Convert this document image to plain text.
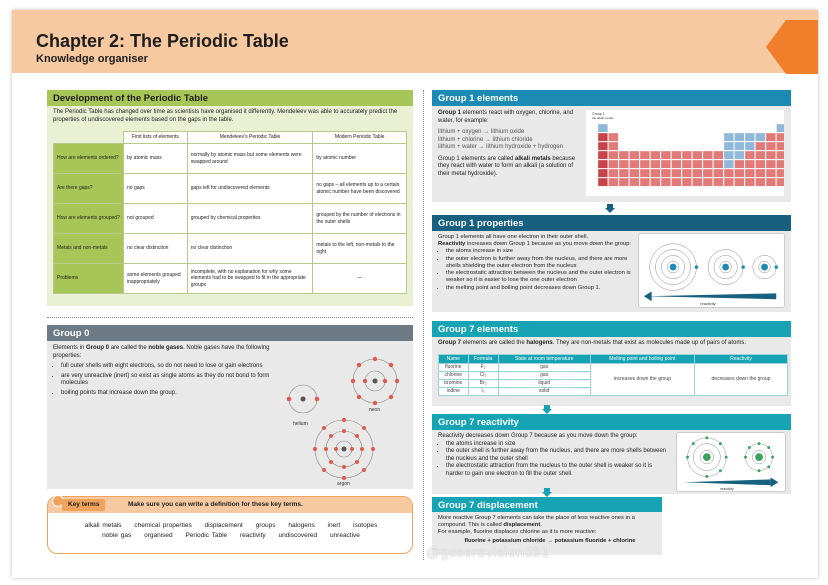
Chapter 2: The Periodic Table
Knowledge organiser
Development of the Periodic Table
The Periodic Table has changed over time as scientists have organised it differently. Mendeleev was able to accurately predict the properties of undiscovered elements based on the gaps in the table.
	First lists of elements	Mendeleev's Periodic Table	Modern Periodic Table
How are elements ordered?	by atomic mass	normally by atomic mass but some elements were swapped around	by atomic number
Are there gaps?	no gaps	gaps left for undiscovered elements	no gaps – all elements up to a certain atomic number have been discovered
How are elements grouped?	not grouped	grouped by chemical properties	grouped by the number of electrons in the outer shells
Metals and non-metals	no clear distinction	no clear distinction	metals to the left, non-metals to the right
Problems	some elements grouped inappropriately	incomplete, with no explanation for why some elements had to be swapped to fit in the appropriate groups	—
Group 0
Elements in Group 0 are called the noble gases. Noble gases have the following properties:
• full outer shells with eight electrons, so do not need to lose or gain electrons
• are very unreactive (inert) so exist as single atoms as they do not bond to form molecules
• boiling points that increase down the group.
helium
neon
argon
Key terms	Make sure you can write a definition for these key terms.
alkali metals chemical properties displacement groups halogens inert isotopes
noble gas organised Periodic Table reactivity undiscovered unreactive
Group 1 elements

Group 1 elements react with oxygen, chlorine, and water, for example:

lithium + oxygen → lithium oxide
lithium + chlorine → lithium chloride
lithium + water → lithium hydroxide + hydrogen

Group 1 elements are called alkali metals because they react with water to form an alkali (a solution of their metal hydroxide).

Group 1
the alkali metals
Group 1 properties
Group 1 elements all have one electron in their outer shell.
Reactivity increases down Group 1 because as you move down the group:
• the atoms increase in size
• the outer electron is further away from the nucleus, and there are more shells shielding the outer electron from the nucleus
• the electrostatic attraction between the nucleus and the outer electron is weaker so it is easier to lose the one outer electron
• the melting point and boiling point decreases down Group 1.
reactivity
Group 7 elements
Group 7 elements are called the halogens. They are non-metals that exist as molecules made up of pairs of atoms.
Name	Formula	State at room temperature	Melting point and boiling point	Reactivity
fluorine	F₂	gas	increases down the group	decreases down the group
chlorine	Cl₂	gas		
bromine	Br₂	liquid		
iodine	I₂	solid		
Group 7 reactivity
Reactivity decreases down Group 7 because as you move down the group:
• the atoms increase in size
• the outer shell is further away from the nucleus, and there are more shells between the nucleus and the outer shell
• the electrostatic attraction from the nucleus to the outer shell is weaker so it is harder to gain one electron to fill the outer shell.
reactivity
Group 7 displacement
More reactive Group 7 elements can take the place of less reactive ones in a compound. This is called displacement.
For example, fluorine displaces chlorine as it is more reactive:
fluorine + potassium chloride → potassium fluoride + chlorine
@gcserevision331
